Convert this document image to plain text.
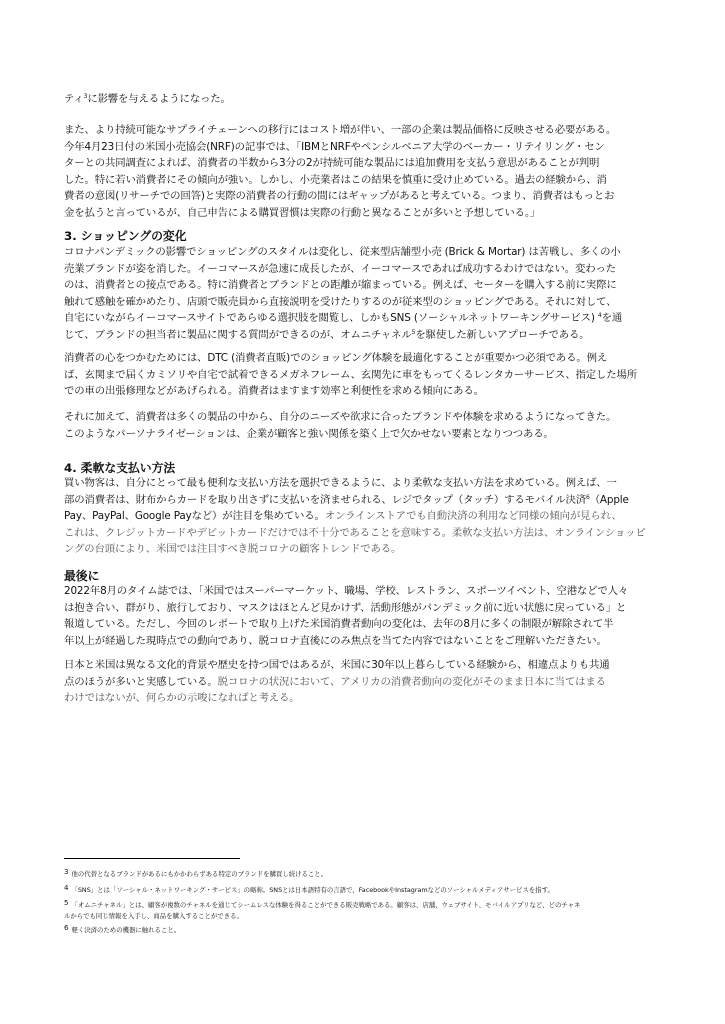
ティ$^3$に影響を与えるようになった。

また、より持続可能なサプライチェーンへの移行にはコスト増が伴い、一部の企業は製品価格に反映させる必要がある。
今年4月23日付の米国小売協会(NRF)の記事では、「IBMとNRFやペンシルベニア大学のベーカー・リテイリング・セン
ターとの共同調査によれば、消費者の半数から3分の2が持続可能な製品には追加費用を支払う意思があることが判明
した。特に若い消費者にその傾向が強い。しかし、小売業者はこの結果を慎重に受け止めている。過去の経験から、消
費者の意図(リサーチでの回答)と実際の消費者の行動の間にはギャップがあると考えている。つまり、消費者はもっとお
金を払うと言っているが、自己申告による購買習慣は実際の行動と異なることが多いと予想している。」

3. ショッピングの変化

コロナパンデミックの影響でショッピングのスタイルは変化し、従来型店舗型小売 (Brick & Mortar) は苦戦し、多くの小
売業ブランドが姿を消した。イーコマースが急速に成長したが、イーコマースであれば成功するわけではない。変わった
のは、消費者との接点である。特に消費者とブランドとの距離が縮まっている。例えば、セーターを購入する前に実際に
触れて感触を確かめたり、店頭で販売員から直接説明を受けたりするのが従来型のショッピングである。それに対して、
自宅にいながらイーコマースサイトであらゆる選択肢を閲覧し、しかもSNS (ソーシャルネットワーキングサービス) $^4$を通
じて、ブランドの担当者に製品に関する質問ができるのが、オムニチャネル$^5$を駆使した新しいアプローチである。

消費者の心をつかむためには、DTC (消費者直販)でのショッピング体験を最適化することが重要かつ必須である。例え
ば、玄関まで届くカミソリや自宅で試着できるメガネフレーム、玄関先に車をもってくるレンタカーサービス、指定した場所
での車の出張修理などがあげられる。消費者はますます効率と利便性を求める傾向にある。

それに加えて、消費者は多くの製品の中から、自分のニーズや欲求に合ったブランドや体験を求めるようになってきた。
このようなパーソナライゼーションは、企業が顧客と強い関係を築く上で欠かせない要素となりつつある。

4. 柔軟な支払い方法

買い物客は、自分にとって最も便利な支払い方法を選択できるように、より柔軟な支払い方法を求めている。例えば、一
部の消費者は、財布からカードを取り出さずに支払いを済ませられる、レジでタップ（タッチ）するモバイル決済$^6$（Apple
Pay、PayPal、Google Payなど）が注目を集めている。オンラインストアでも自動決済の利用など同様の傾向が見られ、
これは、クレジットカードやデビットカードだけでは不十分であることを意味する。柔軟な支払い方法は、オンラインショッピ
ングの台頭により、米国では注目すべき脱コロナの顧客トレンドである。

最後に

2022年8月のタイム誌では、「米国ではスーパーマーケット、職場、学校、レストラン、スポーツイベント、空港などで人々
は抱き合い、群がり、旅行しており、マスクはほとんど見かけず、活動形態がパンデミック前に近い状態に戻っている」と
報道している。ただし、今回のレポートで取り上げた米国消費者動向の変化は、去年の8月に多くの制限が解除されて半
年以上が経過した現時点での動向であり、脱コロナ直後にのみ焦点を当てた内容ではないことをご理解いただきたい。

日本と米国は異なる文化的背景や歴史を持つ国ではあるが、米国に30年以上暮らしている経験から、相違点よりも共通
点のほうが多いと実感している。脱コロナの状況において、アメリカの消費者動向の変化がそのまま日本に当てはまる
わけではないが、何らかの示唆になればと考える。

3 他の代替となるブランドがあるにもかかわらずある特定のブランドを購買し続けること。

4 「SNS」とは「ソーシャル・ネットワーキング・サービス」の略称。SNSとは日本語特有の言語で、FacebookやInstagramなどのソーシャルメディアサービスを指す。

5 「オムニチャネル」とは、顧客が複数のチャネルを通じてシームレスな体験を得ることができる販売戦略である。顧客は、店舗、ウェブサイト、モバイルアプリなど、どのチャネ
ルからでも同じ情報を入手し、商品を購入することができる。

6 軽く決済のための機器に触れること。
